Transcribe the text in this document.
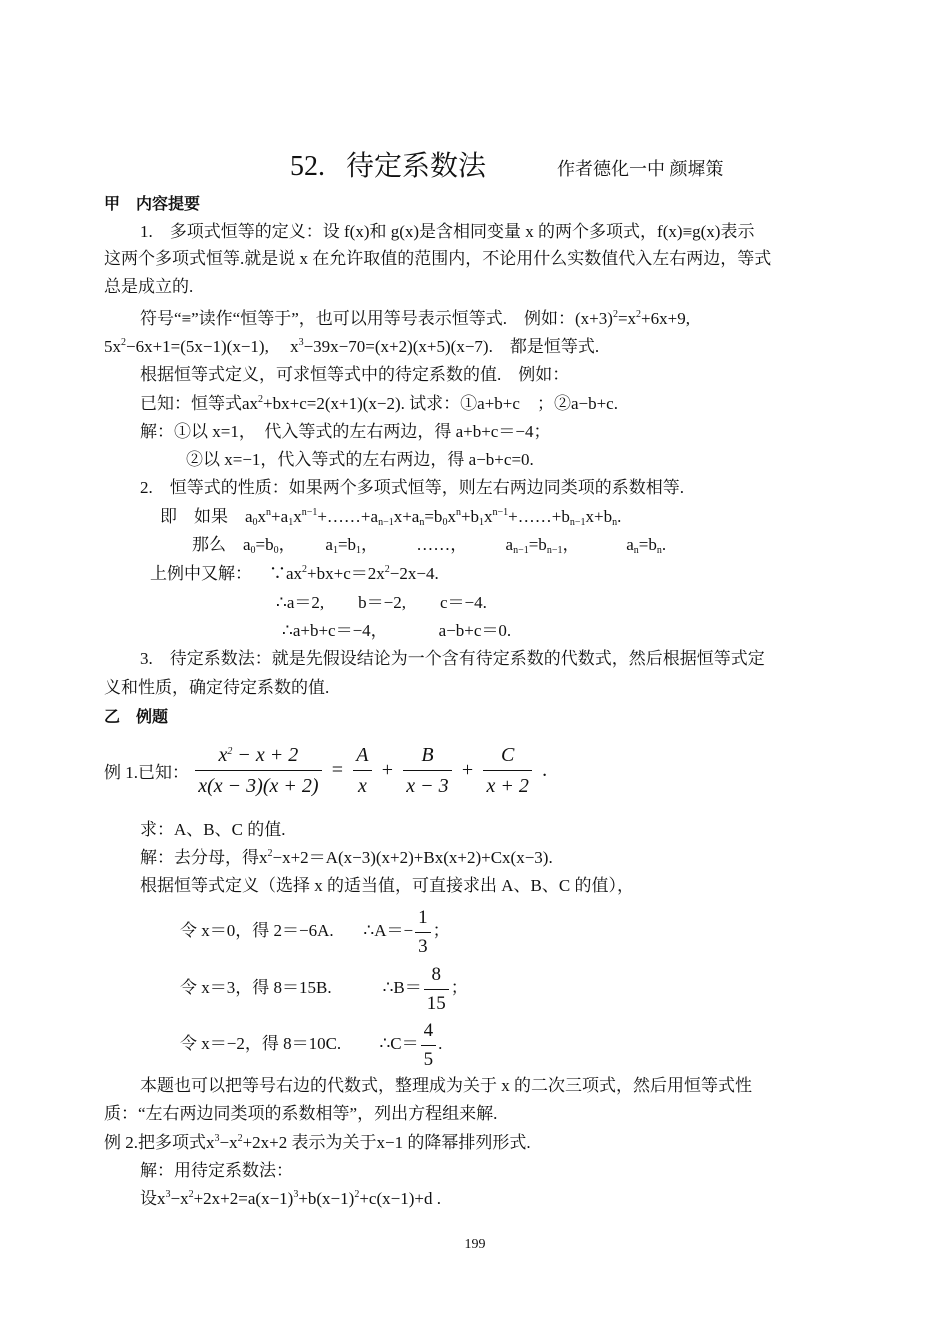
52. 待定系数法	作者德化一中 颜墀策
甲　内容提要
1.　多项式恒等的定义：设 f(x)和 g(x)是含相同变量 x 的两个多项式，f(x)≡g(x)表示
这两个多项式恒等.就是说 x 在允许取值的范围内，不论用什么实数值代入左右两边，等式
总是成立的.
符号“≡”读作“恒等于”，也可以用等号表示恒等式.　例如：$(x+3)^2=x^2+6x+9$,
$5x^2-6x+1=(5x-1)(x-1)$,　 $x^3-39x-70=(x+2)(x+5)(x-7)$.　都是恒等式.
根据恒等式定义，可求恒等式中的待定系数的值.　例如：
已知：恒等式$ax^2+bx+c=2(x+1)(x-2)$. 试求：①a+b+c　；②a−b+c.
解：①以 x=1，　代入等式的左右两边，得 a+b+c＝−4；
②以 x=−1，代入等式的左右两边，得 a−b+c=0.
2.　恒等式的性质：如果两个多项式恒等，则左右两边同类项的系数相等.
即　如果 $a_0x^n+a_1x^{n-1}+\dots\dots+a_{n-1}x+a_n=b_0x^n+b_1x^{n-1}+\dots\dots+b_{n-1}x+b_n$.
那么 $a_0=b_0$， $a_1=b_1$， ……， $a_{n-1}=b_{n-1}$，	$a_n=b_n$.
上例中又解： $\because ax^2+bx+c=2x^2-2x-4$.
∴a＝2,　　b＝−2,　　c＝−4.
∴a+b+c＝−4，	a−b+c＝0.
3.　待定系数法：就是先假设结论为一个含有待定系数的代数式，然后根据恒等式定
义和性质，确定待定系数的值.
乙　例题
例 1.已知： $\frac{x^2 - x + 2}{x(x - 3)(x + 2)} = \frac{A}{x} + \frac{B}{x - 3} + \frac{C}{x + 2}$ .
求：A、B、C 的值.
解：去分母，得$x^2-x+2=A(x-3)(x+2)+Bx(x+2)+Cx(x-3)$.
根据恒等式定义（选择 x 的适当值，可直接求出 A、B、C 的值），
令 x＝0，得 2＝−6A. ∴A＝− $\frac{1}{3}$ ；
令 x＝3，得 8＝15B.	∴B＝ $\frac{8}{15}$ ；
令 x＝−2，得 8＝10C. ∴C＝ $\frac{4}{5}$ .
本题也可以把等号右边的代数式，整理成为关于 x 的二次三项式，然后用恒等式性
质：“左右两边同类项的系数相等”，列出方程组来解.
例 2.把多项式$x^3-x^2+2x+2$ 表示为关于x−1 的降幂排列形式.
解：用待定系数法：
设$x^3-x^2+2x+2=a(x-1)^3+b(x-1)^2+c(x-1)+d$ .
199
